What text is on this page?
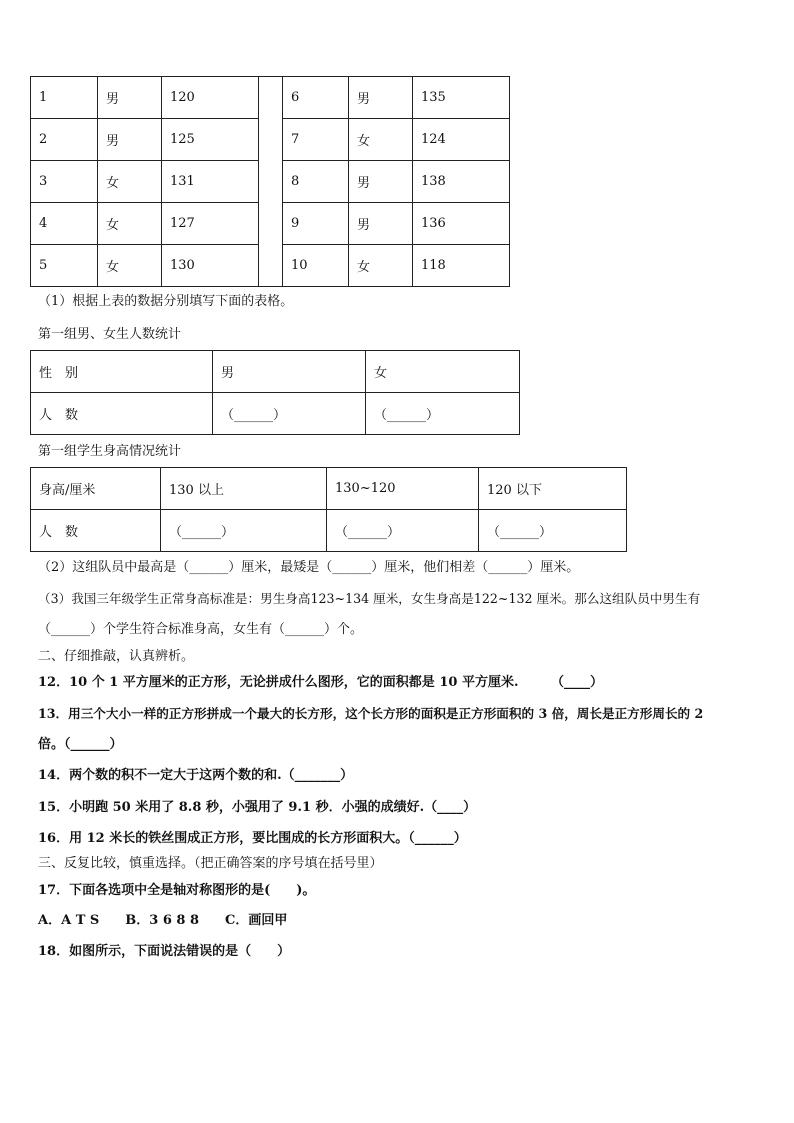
1	男	120		6	男	135
2	男	125		7	女	124
3	女	131		8	男	138
4	女	127		9	男	136
5	女	130		10	女	118
（1）根据上表的数据分别填写下面的表格。
第一组男、女生人数统计
性　别	男	女
人　数	（______）	（______）
第一组学生身高情况统计
身高/厘米	130 以上	130~120	120 以下
人　数	（______）	（______）	（______）
（2）这组队员中最高是（______）厘米，最矮是（______）厘米，他们相差（______）厘米。
（3）我国三年级学生正常身高标准是：男生身高123~134 厘米，女生身高是122~132 厘米。那么这组队员中男生有
（______）个学生符合标准身高，女生有（______）个。
二、仔细推敲，认真辨析。
12．10 个 1 平方厘米的正方形，无论拼成什么图形，它的面积都是 10 平方厘米.　　　（____）
13．用三个大小一样的正方形拼成一个最大的长方形，这个长方形的面积是正方形面积的 3 倍，周长是正方形周长的 2
倍。（______）
14．两个数的积不一定大于这两个数的和.（_______）
15．小明跑 50 米用了 8.8 秒，小强用了 9.1 秒．小强的成绩好.（____）
16．用 12 米长的铁丝围成正方形，要比围成的长方形面积大。（______）
三、反复比较，慎重选择。（把正确答案的序号填在括号里）
17．下面各选项中全是轴对称图形的是(　　)。
A．A T S　　B．3 6 8 8　　C．画回甲
18．如图所示，下面说法错误的是（　　）
